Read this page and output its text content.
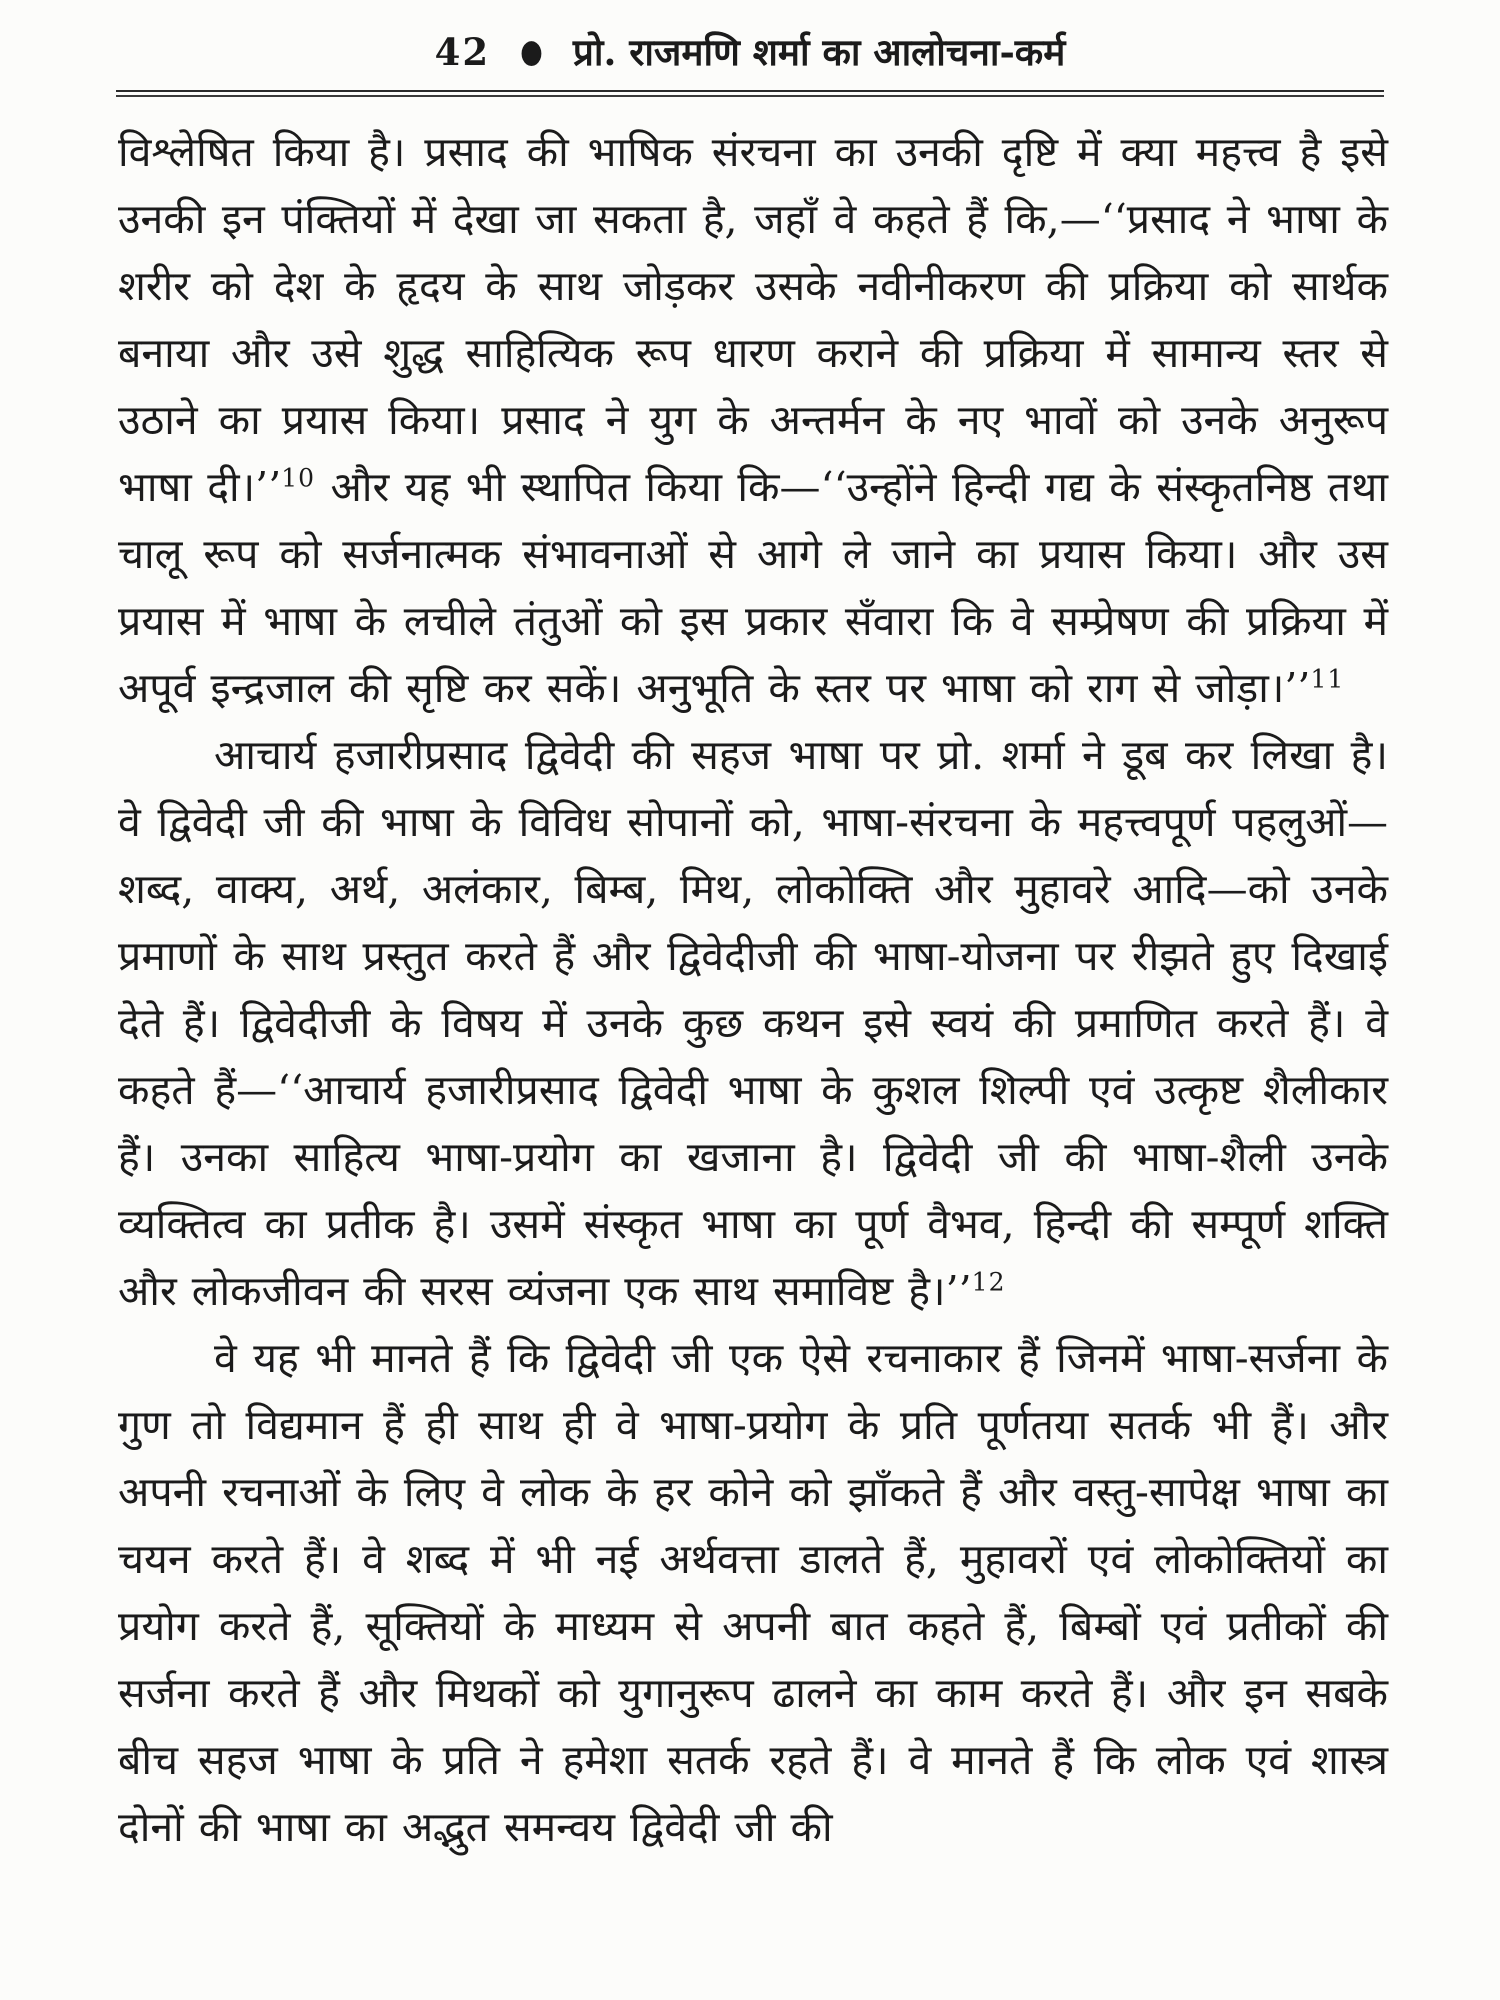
42 ● प्रो. राजमणि शर्मा का आलोचना-कर्म

विश्लेषित किया है। प्रसाद की भाषिक संरचना का उनकी दृष्टि में क्या महत्त्व है इसे उनकी इन पंक्तियों में देखा जा सकता है, जहाँ वे कहते हैं कि,—‘‘प्रसाद ने भाषा के शरीर को देश के हृदय के साथ जोड़कर उसके नवीनीकरण की प्रक्रिया को सार्थक बनाया और उसे शुद्ध साहित्यिक रूप धारण कराने की प्रक्रिया में सामान्य स्तर से उठाने का प्रयास किया। प्रसाद ने युग के अन्तर्मन के नए भावों को उनके अनुरूप भाषा दी।’’$^{10}$ और यह भी स्थापित किया कि—‘‘उन्होंने हिन्दी गद्य के संस्कृतनिष्ठ तथा चालू रूप को सर्जनात्मक संभावनाओं से आगे ले जाने का प्रयास किया। और उस प्रयास में भाषा के लचीले तंतुओं को इस प्रकार सँवारा कि वे सम्प्रेषण की प्रक्रिया में अपूर्व इन्द्रजाल की सृष्टि कर सकें। अनुभूति के स्तर पर भाषा को राग से जोड़ा।’’$^{11}$

आचार्य हजारीप्रसाद द्विवेदी की सहज भाषा पर प्रो. शर्मा ने डूब कर लिखा है। वे द्विवेदी जी की भाषा के विविध सोपानों को, भाषा-संरचना के महत्त्वपूर्ण पहलुओं—शब्द, वाक्य, अर्थ, अलंकार, बिम्ब, मिथ, लोकोक्ति और मुहावरे आदि—को उनके प्रमाणों के साथ प्रस्तुत करते हैं और द्विवेदीजी की भाषा-योजना पर रीझते हुए दिखाई देते हैं। द्विवेदीजी के विषय में उनके कुछ कथन इसे स्वयं की प्रमाणित करते हैं। वे कहते हैं—‘‘आचार्य हजारीप्रसाद द्विवेदी भाषा के कुशल शिल्पी एवं उत्कृष्ट शैलीकार हैं। उनका साहित्य भाषा-प्रयोग का खजाना है। द्विवेदी जी की भाषा-शैली उनके व्यक्तित्व का प्रतीक है। उसमें संस्कृत भाषा का पूर्ण वैभव, हिन्दी की सम्पूर्ण शक्ति और लोकजीवन की सरस व्यंजना एक साथ समाविष्ट है।’’$^{12}$

वे यह भी मानते हैं कि द्विवेदी जी एक ऐसे रचनाकार हैं जिनमें भाषा-सर्जना के गुण तो विद्यमान हैं ही साथ ही वे भाषा-प्रयोग के प्रति पूर्णतया सतर्क भी हैं। और अपनी रचनाओं के लिए वे लोक के हर कोने को झाँकते हैं और वस्तु-सापेक्ष भाषा का चयन करते हैं। वे शब्द में भी नई अर्थवत्ता डालते हैं, मुहावरों एवं लोकोक्तियों का प्रयोग करते हैं, सूक्तियों के माध्यम से अपनी बात कहते हैं, बिम्बों एवं प्रतीकों की सर्जना करते हैं और मिथकों को युगानुरूप ढालने का काम करते हैं। और इन सबके बीच सहज भाषा के प्रति ने हमेशा सतर्क रहते हैं। वे मानते हैं कि लोक एवं शास्त्र दोनों की भाषा का अद्भुत समन्वय द्विवेदी जी की
